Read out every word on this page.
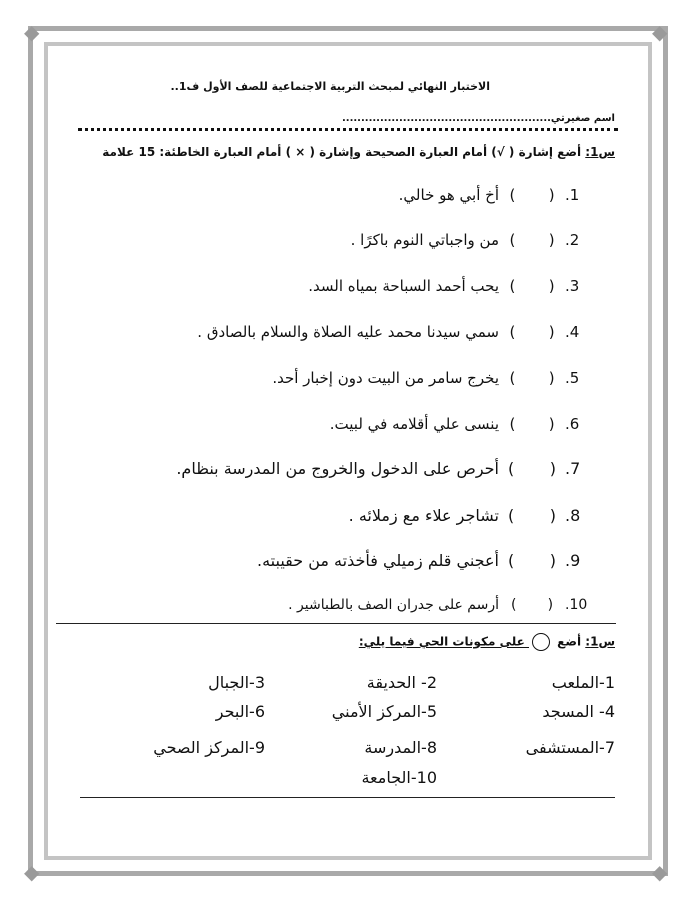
◆	◆
◆	◆
الاختبار النهائي لمبحث التربية الاجتماعية للصف الأول ف1..
اسم صغيرتي.......................................................
س1: أضع إشارة ( √) أمام العبارة الصحيحة وإشارة ( × ) أمام العبارة الخاطئة: 15 علامة
.1( )أخ أبي هو خالي.
.2( )من واجباتي النوم باكرًا .
.3( )يحب أحمد السباحة بمياه السد.
.4( )سمي سيدنا محمد عليه الصلاة والسلام بالصادق .
.5( )يخرج سامر من البيت دون إخبار أحد.
.6( )ينسى علي أقلامه في لبيت.
.7( )أحرص على الدخول والخروج من المدرسة بنظام.
.8( )تشاجر علاء مع زملائه .
.9( )أعجني قلم زميلي فأخذته من حقيبته.
.10( )أرسم على جدران الصف بالطباشير .
س1: أضع  على مكونات الحي فيما يلي:
1-الملعب
2- الحديقة
3-الجبال
4- المسجد
5-المركز الأمني
6-البحر
7-المستشفى
8-المدرسة
9-المركز الصحي
10-الجامعة
